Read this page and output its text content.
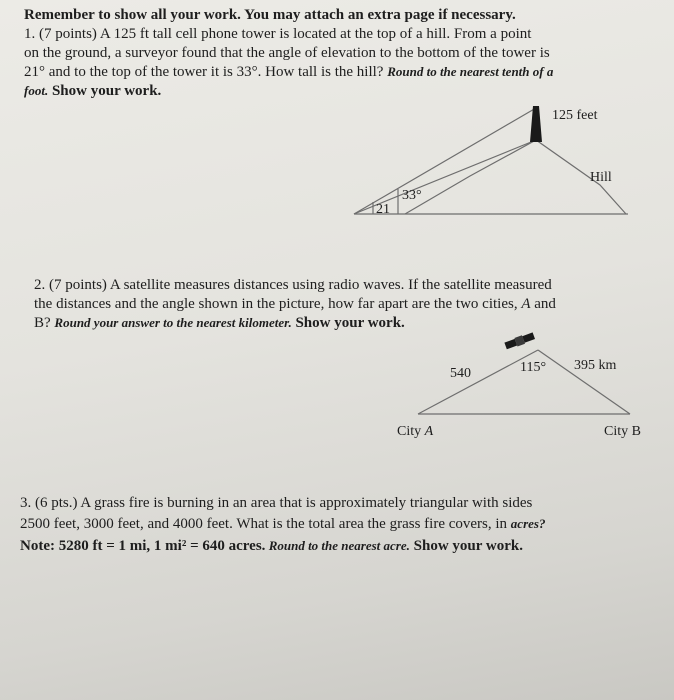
Remember to show all your work. You may attach an extra page if necessary.
1. (7 points) A 125 ft tall cell phone tower is located at the top of a hill. From a point
on the ground, a surveyor found that the angle of elevation to the bottom of the tower is
21° and to the top of the tower it is 33°. How tall is the hill? Round to the nearest tenth of a
foot. Show your work.
125 feet
Hill
33°
21
2. (7 points) A satellite measures distances using radio waves. If the satellite measured
the distances and the angle shown in the picture, how far apart are the two cities, A and
B? Round your answer to the nearest kilometer. Show your work.
540	115° 395 km
City A	City B
3. (6 pts.) A grass fire is burning in an area that is approximately triangular with sides
2500 feet, 3000 feet, and 4000 feet. What is the total area the grass fire covers, in acres?
Note: 5280 ft = 1 mi, 1 mi² = 640 acres. Round to the nearest acre. Show your work.
